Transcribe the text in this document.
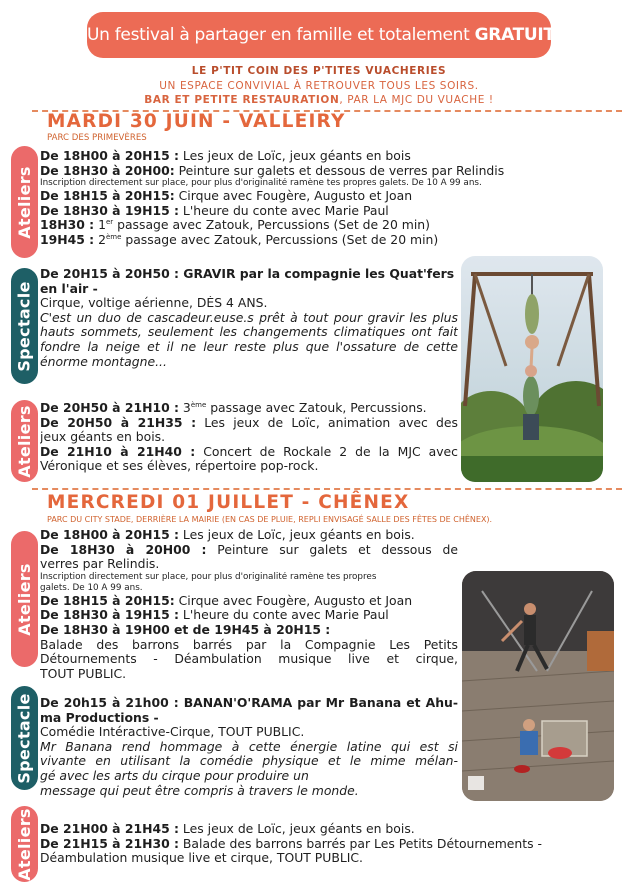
Un festival à partager en famille et totalement GRATUIT !
LE P'TIT COIN DES P'TITES VUACHERIES
UN ESPACE CONVIVIAL À RETROUVER TOUS LES SOIRS.
BAR ET PETITE RESTAURATION, PAR LA MJC DU VUACHE !
MARDI 30 JUIN - VALLEIRY
PARC DES PRIMEVÈRES
Ateliers
De 18H00 à 20H15 : Les jeux de Loïc, jeux géants en bois
De 18H30 à 20H00: Peinture sur galets et dessous de verres par Relindis
Inscription directement sur place, pour plus d'originalité ramène tes propres galets. De 10 À 99 ans.
De 18H15 à 20H15: Cirque avec Fougère, Augusto et Joan
De 18H30 à 19H15 : L'heure du conte avec Marie Paul
18H30 : 1er passage avec Zatouk, Percussions (Set de 20 min)
19H45 : 2ème passage avec Zatouk, Percussions (Set de 20 min)
Spectacle
De 20H15 à 20H50 : GRAVIR par la compagnie les Quat'fers
en l'air -
Cirque, voltige aérienne, DÈS 4 ANS.
C'est un duo de cascadeur.euse.s prêt à tout pour gravir les plus
hauts sommets, seulement les changements climatiques ont fait
fondre la neige et il ne leur reste plus que l'ossature de cette
énorme montagne...
Ateliers De 20H50 à 21H10 : 3ème passage avec Zatouk, Percussions.
De 20H50 à 21H35 : Les jeux de Loïc, animation avec des
jeux géants en bois.
De 21H10 à 21H40 : Concert de Rockale 2 de la MJC avec
Véronique et ses élèves, répertoire pop-rock.
MERCREDI 01 JUILLET - CHÊNEX
PARC DU CITY STADE, DERRIÈRE LA MAIRIE (EN CAS DE PLUIE, REPLI ENVISAGÉ SALLE DES FÊTES DE CHÊNEX).
Ateliers
De 18H00 à 20H15 : Les jeux de Loïc, jeux géants en bois.
De 18H30 à 20H00 : Peinture sur galets et dessous de
verres par Relindis.
Inscription directement sur place, pour plus d'originalité ramène tes propres
galets. De 10 À 99 ans.
De 18H15 à 20H15: Cirque avec Fougère, Augusto et Joan
De 18H30 à 19H15 : L'heure du conte avec Marie Paul
De 18H30 à 19H00 et de 19H45 à 20H15 :
Balade des barrons barrés par la Compagnie Les Petits
Détournements - Déambulation musique live et cirque,
TOUT PUBLIC.
Spectacle De 20h15 à 21h00 : BANAN'O'RAMA par Mr Banana et Ahu-
ma Productions -
Comédie Intéractive-Cirque, TOUT PUBLIC.
Mr Banana rend hommage à cette énergie latine qui est si
vivante en utilisant la comédie physique et le mime mélan-
gé avec les arts du cirque pour produire un
message qui peut être compris à travers le monde.
Ateliers De 21H00 à 21H45 : Les jeux de Loïc, jeux géants en bois.
De 21H15 à 21H30 : Balade des barrons barrés par Les Petits Détournements -
Déambulation musique live et cirque, TOUT PUBLIC.
